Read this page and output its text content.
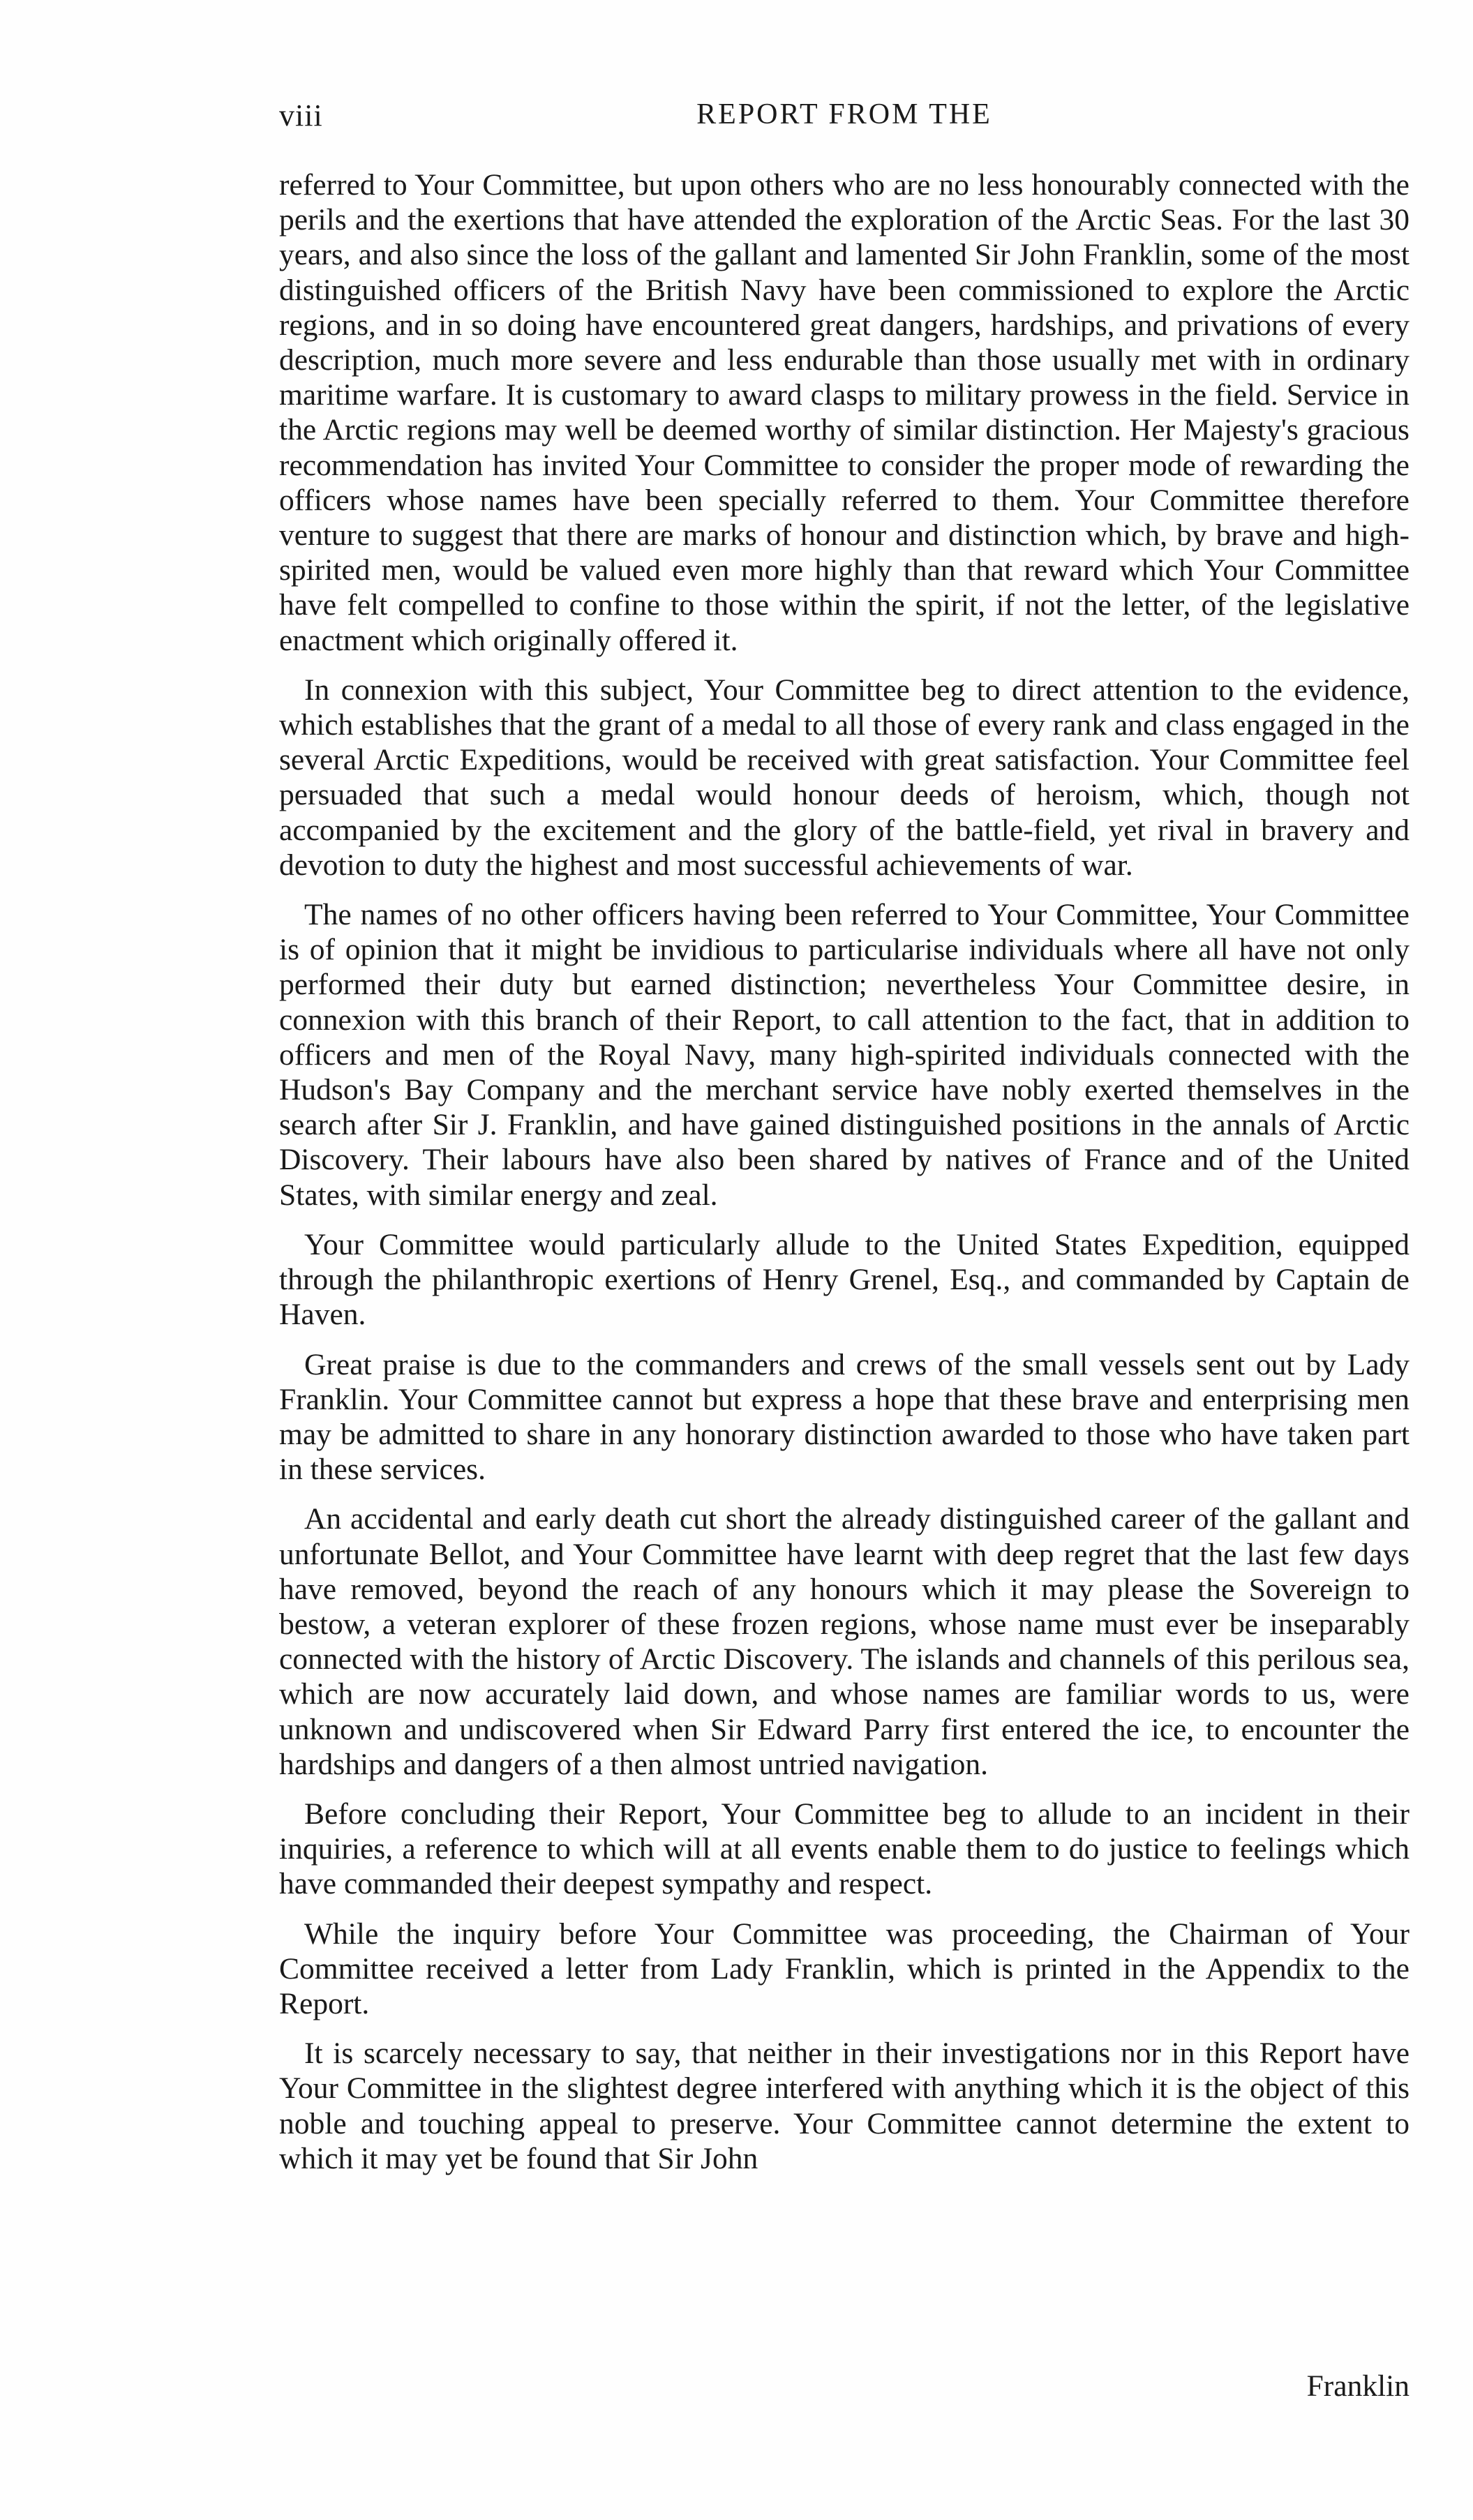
viii	REPORT FROM THE

referred to Your Committee, but upon others who are no less honourably connected with the perils and the exertions that have attended the exploration of the Arctic Seas. For the last 30 years, and also since the loss of the gallant and lamented Sir John Franklin, some of the most distinguished officers of the British Navy have been commissioned to explore the Arctic regions, and in so doing have encountered great dangers, hardships, and privations of every description, much more severe and less endurable than those usually met with in ordinary maritime warfare. It is customary to award clasps to military prowess in the field. Service in the Arctic regions may well be deemed worthy of similar distinction. Her Majesty's gracious recommendation has invited Your Committee to consider the proper mode of rewarding the officers whose names have been specially referred to them. Your Committee therefore venture to suggest that there are marks of honour and distinction which, by brave and high-spirited men, would be valued even more highly than that reward which Your Committee have felt compelled to confine to those within the spirit, if not the letter, of the legislative enactment which originally offered it.

In connexion with this subject, Your Committee beg to direct attention to the evidence, which establishes that the grant of a medal to all those of every rank and class engaged in the several Arctic Expeditions, would be received with great satisfaction. Your Committee feel persuaded that such a medal would honour deeds of heroism, which, though not accompanied by the excitement and the glory of the battle-field, yet rival in bravery and devotion to duty the highest and most successful achievements of war.

The names of no other officers having been referred to Your Committee, Your Committee is of opinion that it might be invidious to particularise individuals where all have not only performed their duty but earned distinction; nevertheless Your Committee desire, in connexion with this branch of their Report, to call attention to the fact, that in addition to officers and men of the Royal Navy, many high-spirited individuals connected with the Hudson's Bay Company and the merchant service have nobly exerted themselves in the search after Sir J. Franklin, and have gained distinguished positions in the annals of Arctic Discovery. Their labours have also been shared by natives of France and of the United States, with similar energy and zeal.

Your Committee would particularly allude to the United States Expedition, equipped through the philanthropic exertions of Henry Grenel, Esq., and commanded by Captain de Haven.

Great praise is due to the commanders and crews of the small vessels sent out by Lady Franklin. Your Committee cannot but express a hope that these brave and enterprising men may be admitted to share in any honorary distinction awarded to those who have taken part in these services.

An accidental and early death cut short the already distinguished career of the gallant and unfortunate Bellot, and Your Committee have learnt with deep regret that the last few days have removed, beyond the reach of any honours which it may please the Sovereign to bestow, a veteran explorer of these frozen regions, whose name must ever be inseparably connected with the history of Arctic Discovery. The islands and channels of this perilous sea, which are now accurately laid down, and whose names are familiar words to us, were unknown and undiscovered when Sir Edward Parry first entered the ice, to encounter the hardships and dangers of a then almost untried navigation.

Before concluding their Report, Your Committee beg to allude to an incident in their inquiries, a reference to which will at all events enable them to do justice to feelings which have commanded their deepest sympathy and respect.

While the inquiry before Your Committee was proceeding, the Chairman of Your Committee received a letter from Lady Franklin, which is printed in the Appendix to the Report.

It is scarcely necessary to say, that neither in their investigations nor in this Report have Your Committee in the slightest degree interfered with anything which it is the object of this noble and touching appeal to preserve. Your Committee cannot determine the extent to which it may yet be found that Sir John

Franklin
